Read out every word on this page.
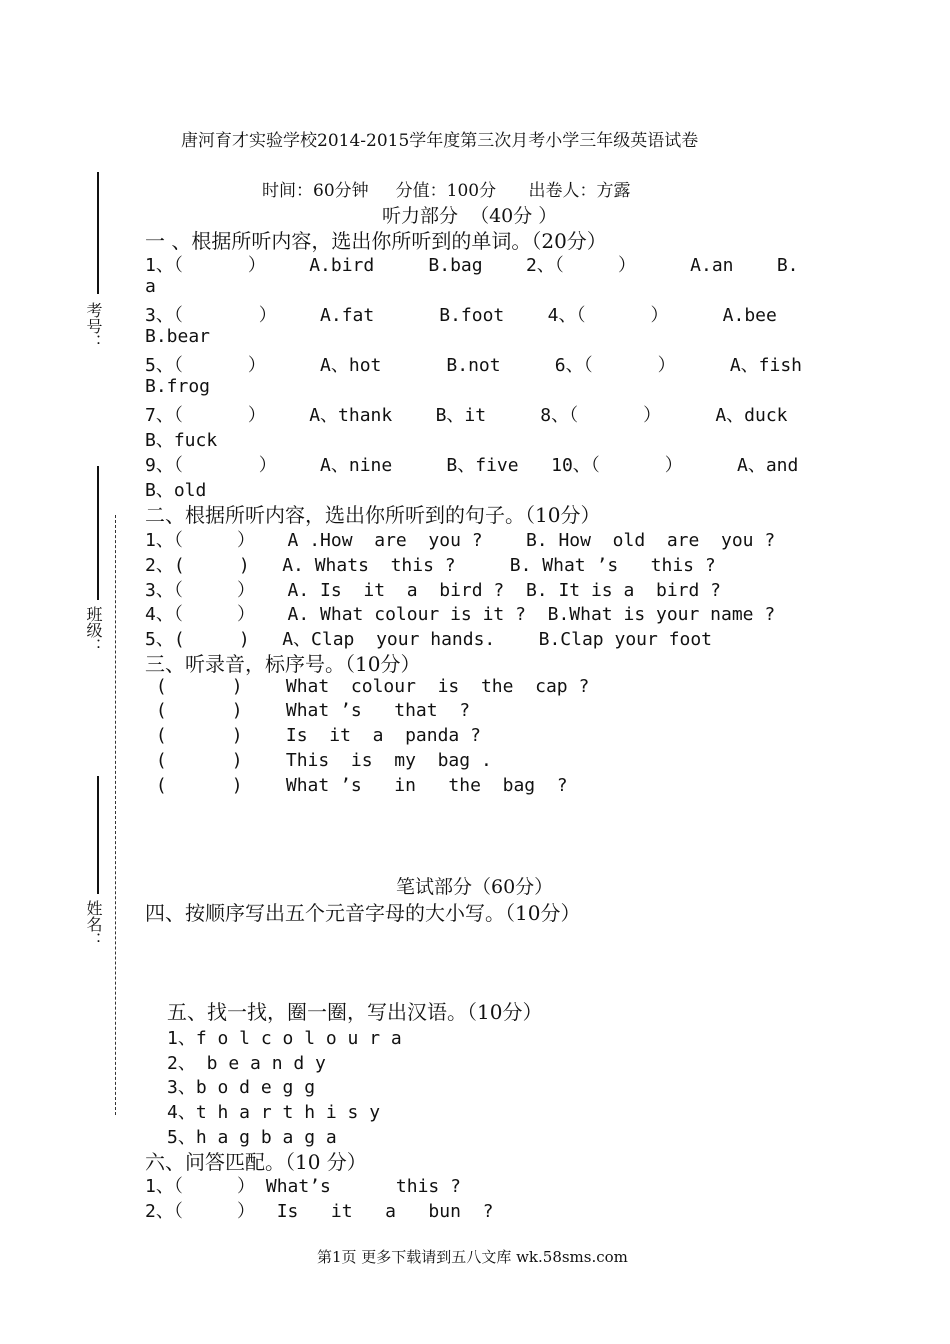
考号：
班级：
姓名：
唐河育才实验学校2014-2015学年度第三次月考小学三年级英语试卷
时间：60分钟     分值：100分      出卷人：方露
听力部分  （40分 ）
一 、根据所听内容，选出你所听到的单词。（20分）
1、（      ）    A.bird     B.bag    2、（     ）     A.an    B.
a
3、（       ）    A.fat      B.foot    4、（      ）     A.bee
B.bear
5、（      ）     A、hot      B.not     6、（      ）     A、fish
B.frog
7、（      ）    A、thank    B、it     8、（      ）     A、duck
B、fuck
9、（       ）    A、nine     B、five   10、（      ）     A、and
B、old
二、根据所听内容，选出你所听到的句子。（10分）
1、（     ）   A .How  are  you ?    B. How  old  are  you ?
2、(     )   A. Whats  this ?     B. What ’s   this ?
3、（     ）   A. Is  it  a  bird ?  B. It is a  bird ?
4、（     ）   A. What colour is it ?  B.What is your name ?
5、(     )   A、Clap  your hands.    B.Clap your foot
三、听录音，标序号。（10分）
(      )    What  colour  is  the  cap ?
(      )    What ’s   that  ?
(      )    Is  it  a  panda ?
(      )    This  is  my  bag .
(      )    What ’s   in   the  bag  ?
笔试部分（60分）
四、按顺序写出五个元音字母的大小写。（10分）
五、找一找，圈一圈，写出汉语。（10分）
1、f o l c o l o u r a
2、 b e a n d y
3、b o d e g g
4、t h a r t h i s y
5、h a g b a g a
六、问答匹配。（10 分）
1、（     ） What’s      this ?
2、（     ）  Is   it   a   bun  ?
第1页 更多下载请到五八文库 wk.58sms.com
